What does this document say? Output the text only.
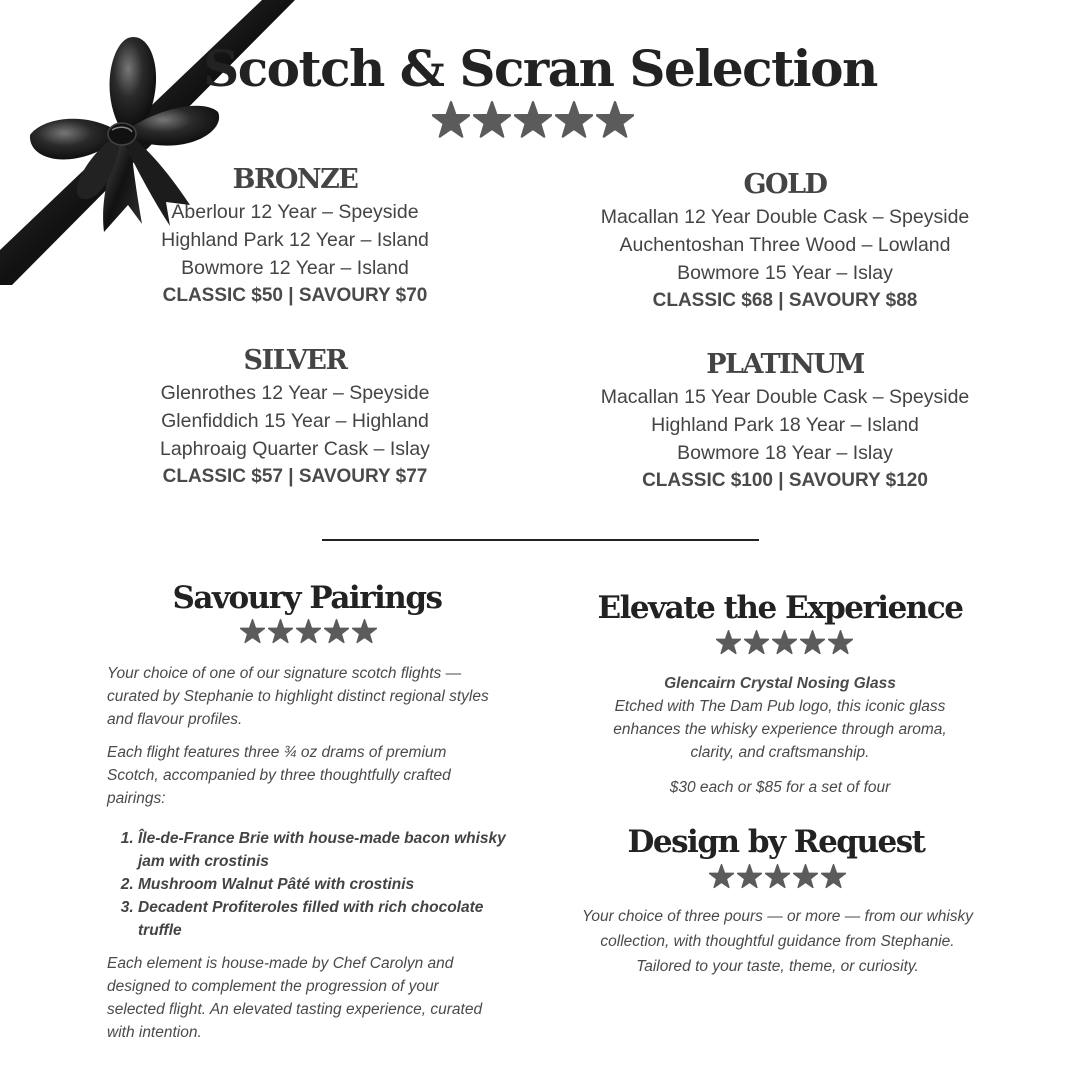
Scotch & Scran Selection
BRONZE
Aberlour 12 Year – Speyside
Highland Park 12 Year – Island
Bowmore 12 Year – Island
CLASSIC $50 | SAVOURY $70
GOLD
Macallan 12 Year Double Cask – Speyside
Auchentoshan Three Wood – Lowland
Bowmore 15 Year – Islay
CLASSIC $68 | SAVOURY $88
SILVER
Glenrothes 12 Year – Speyside
Glenfiddich 15 Year – Highland
Laphroaig Quarter Cask – Islay
CLASSIC $57 | SAVOURY $77
PLATINUM
Macallan 15 Year Double Cask – Speyside
Highland Park 18 Year – Island
Bowmore 18 Year – Islay
CLASSIC $100 | SAVOURY $120
Savoury Pairings

Your choice of one of our signature scotch flights — curated by Stephanie to highlight distinct regional styles and flavour profiles.

Each flight features three ¾ oz drams of premium Scotch, accompanied by three thoughtfully crafted pairings:

1. Île-de-France Brie with house-made bacon whisky jam with crostinis
2. Mushroom Walnut Pâté with crostinis
3. Decadent Profiteroles filled with rich chocolate truffle

Each element is house-made by Chef Carolyn and designed to complement the progression of your selected flight. An elevated tasting experience, curated with intention.

Elevate the Experience

Glencairn Crystal Nosing Glass

Etched with The Dam Pub logo, this iconic glass enhances the whisky experience through aroma, clarity, and craftsmanship.

$30 each or $85 for a set of four

Design by Request

Your choice of three pours — or more — from our whisky collection, with thoughtful guidance from Stephanie. Tailored to your taste, theme, or curiosity.
